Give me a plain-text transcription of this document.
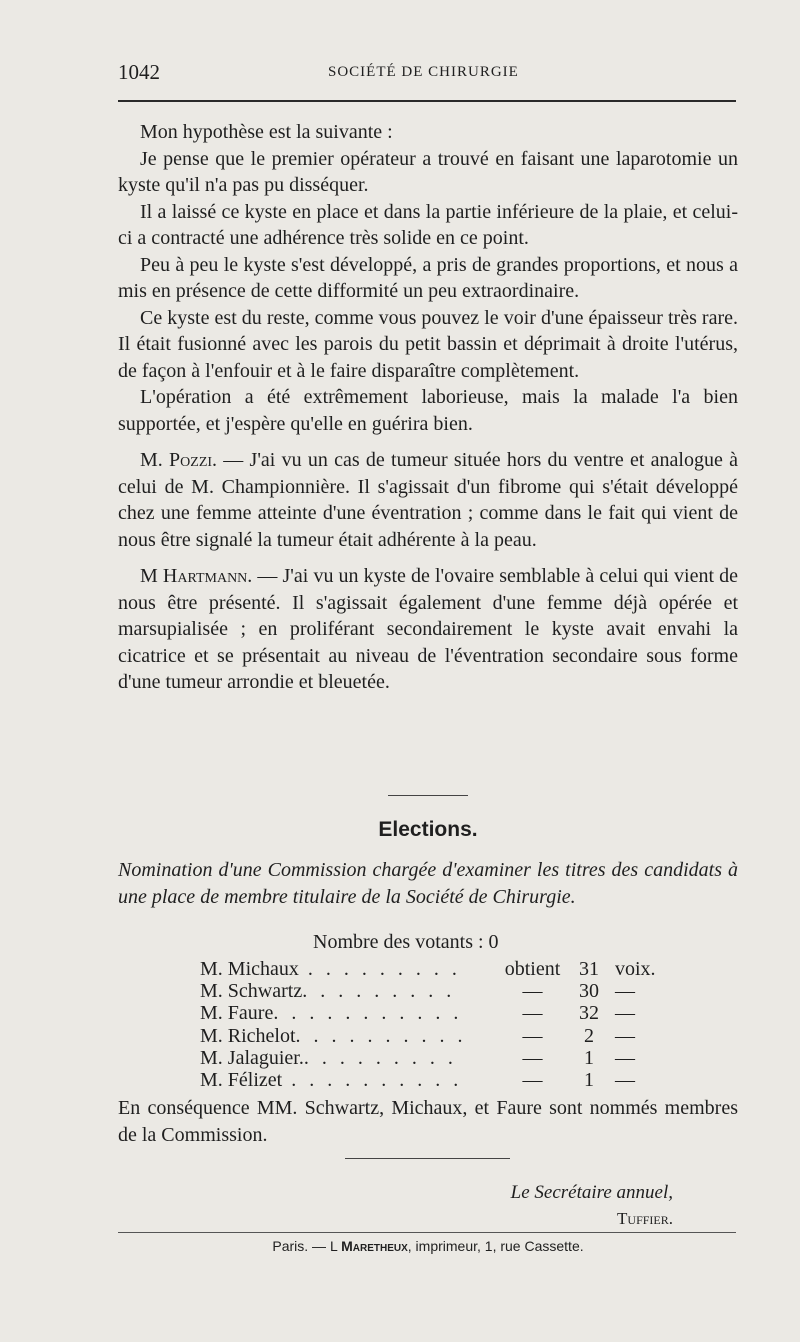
1042	SOCIÉTÉ DE CHIRURGIE

Mon hypothèse est la suivante :

Je pense que le premier opérateur a trouvé en faisant une laparotomie un kyste qu'il n'a pas pu disséquer.

Il a laissé ce kyste en place et dans la partie inférieure de la plaie, et celui-ci a contracté une adhérence très solide en ce point.

Peu à peu le kyste s'est développé, a pris de grandes proportions, et nous a mis en présence de cette difformité un peu extraordinaire.

Ce kyste est du reste, comme vous pouvez le voir d'une épaisseur très rare. Il était fusionné avec les parois du petit bassin et déprimait à droite l'utérus, de façon à l'enfouir et à le faire disparaître complètement.

L'opération a été extrêmement laborieuse, mais la malade l'a bien supportée, et j'espère qu'elle en guérira bien.

M. Pozzi. — J'ai vu un cas de tumeur située hors du ventre et analogue à celui de M. Championnière. Il s'agissait d'un fibrome qui s'était développé chez une femme atteinte d'une éventration ; comme dans le fait qui vient de nous être signalé la tumeur était adhérente à la peau.

M Hartmann. — J'ai vu un kyste de l'ovaire semblable à celui qui vient de nous être présenté. Il s'agissait également d'une femme déjà opérée et marsupialisée ; en proliférant secondairement le kyste avait envahi la cicatrice et se présentait au niveau de l'éventration secondaire sous forme d'une tumeur arrondie et bleuetée.

Elections.
Nomination d'une Commission chargée d'examiner les titres des candidats à une place de membre titulaire de la Société de Chirurgie.
Nombre des votants : 0
M. Michaux . . . . . . . . .	obtient 31 voix.
M. Schwartz. . . . . . . . .	—	30 —
M. Faure. . . . . . . . . . .	—	32 —
M. Richelot. . . . . . . . . .	—	2	—
M. Jalaguier.. . . . . . . . .	—	1	—
M. Félizet . . . . . . . . . .	—	1	—
En conséquence MM. Schwartz, Michaux, et Faure sont nommés membres de la Commission.
Le Secrétaire annuel,
Tuffier.
Paris. — L Maretheux, imprimeur, 1, rue Cassette.
